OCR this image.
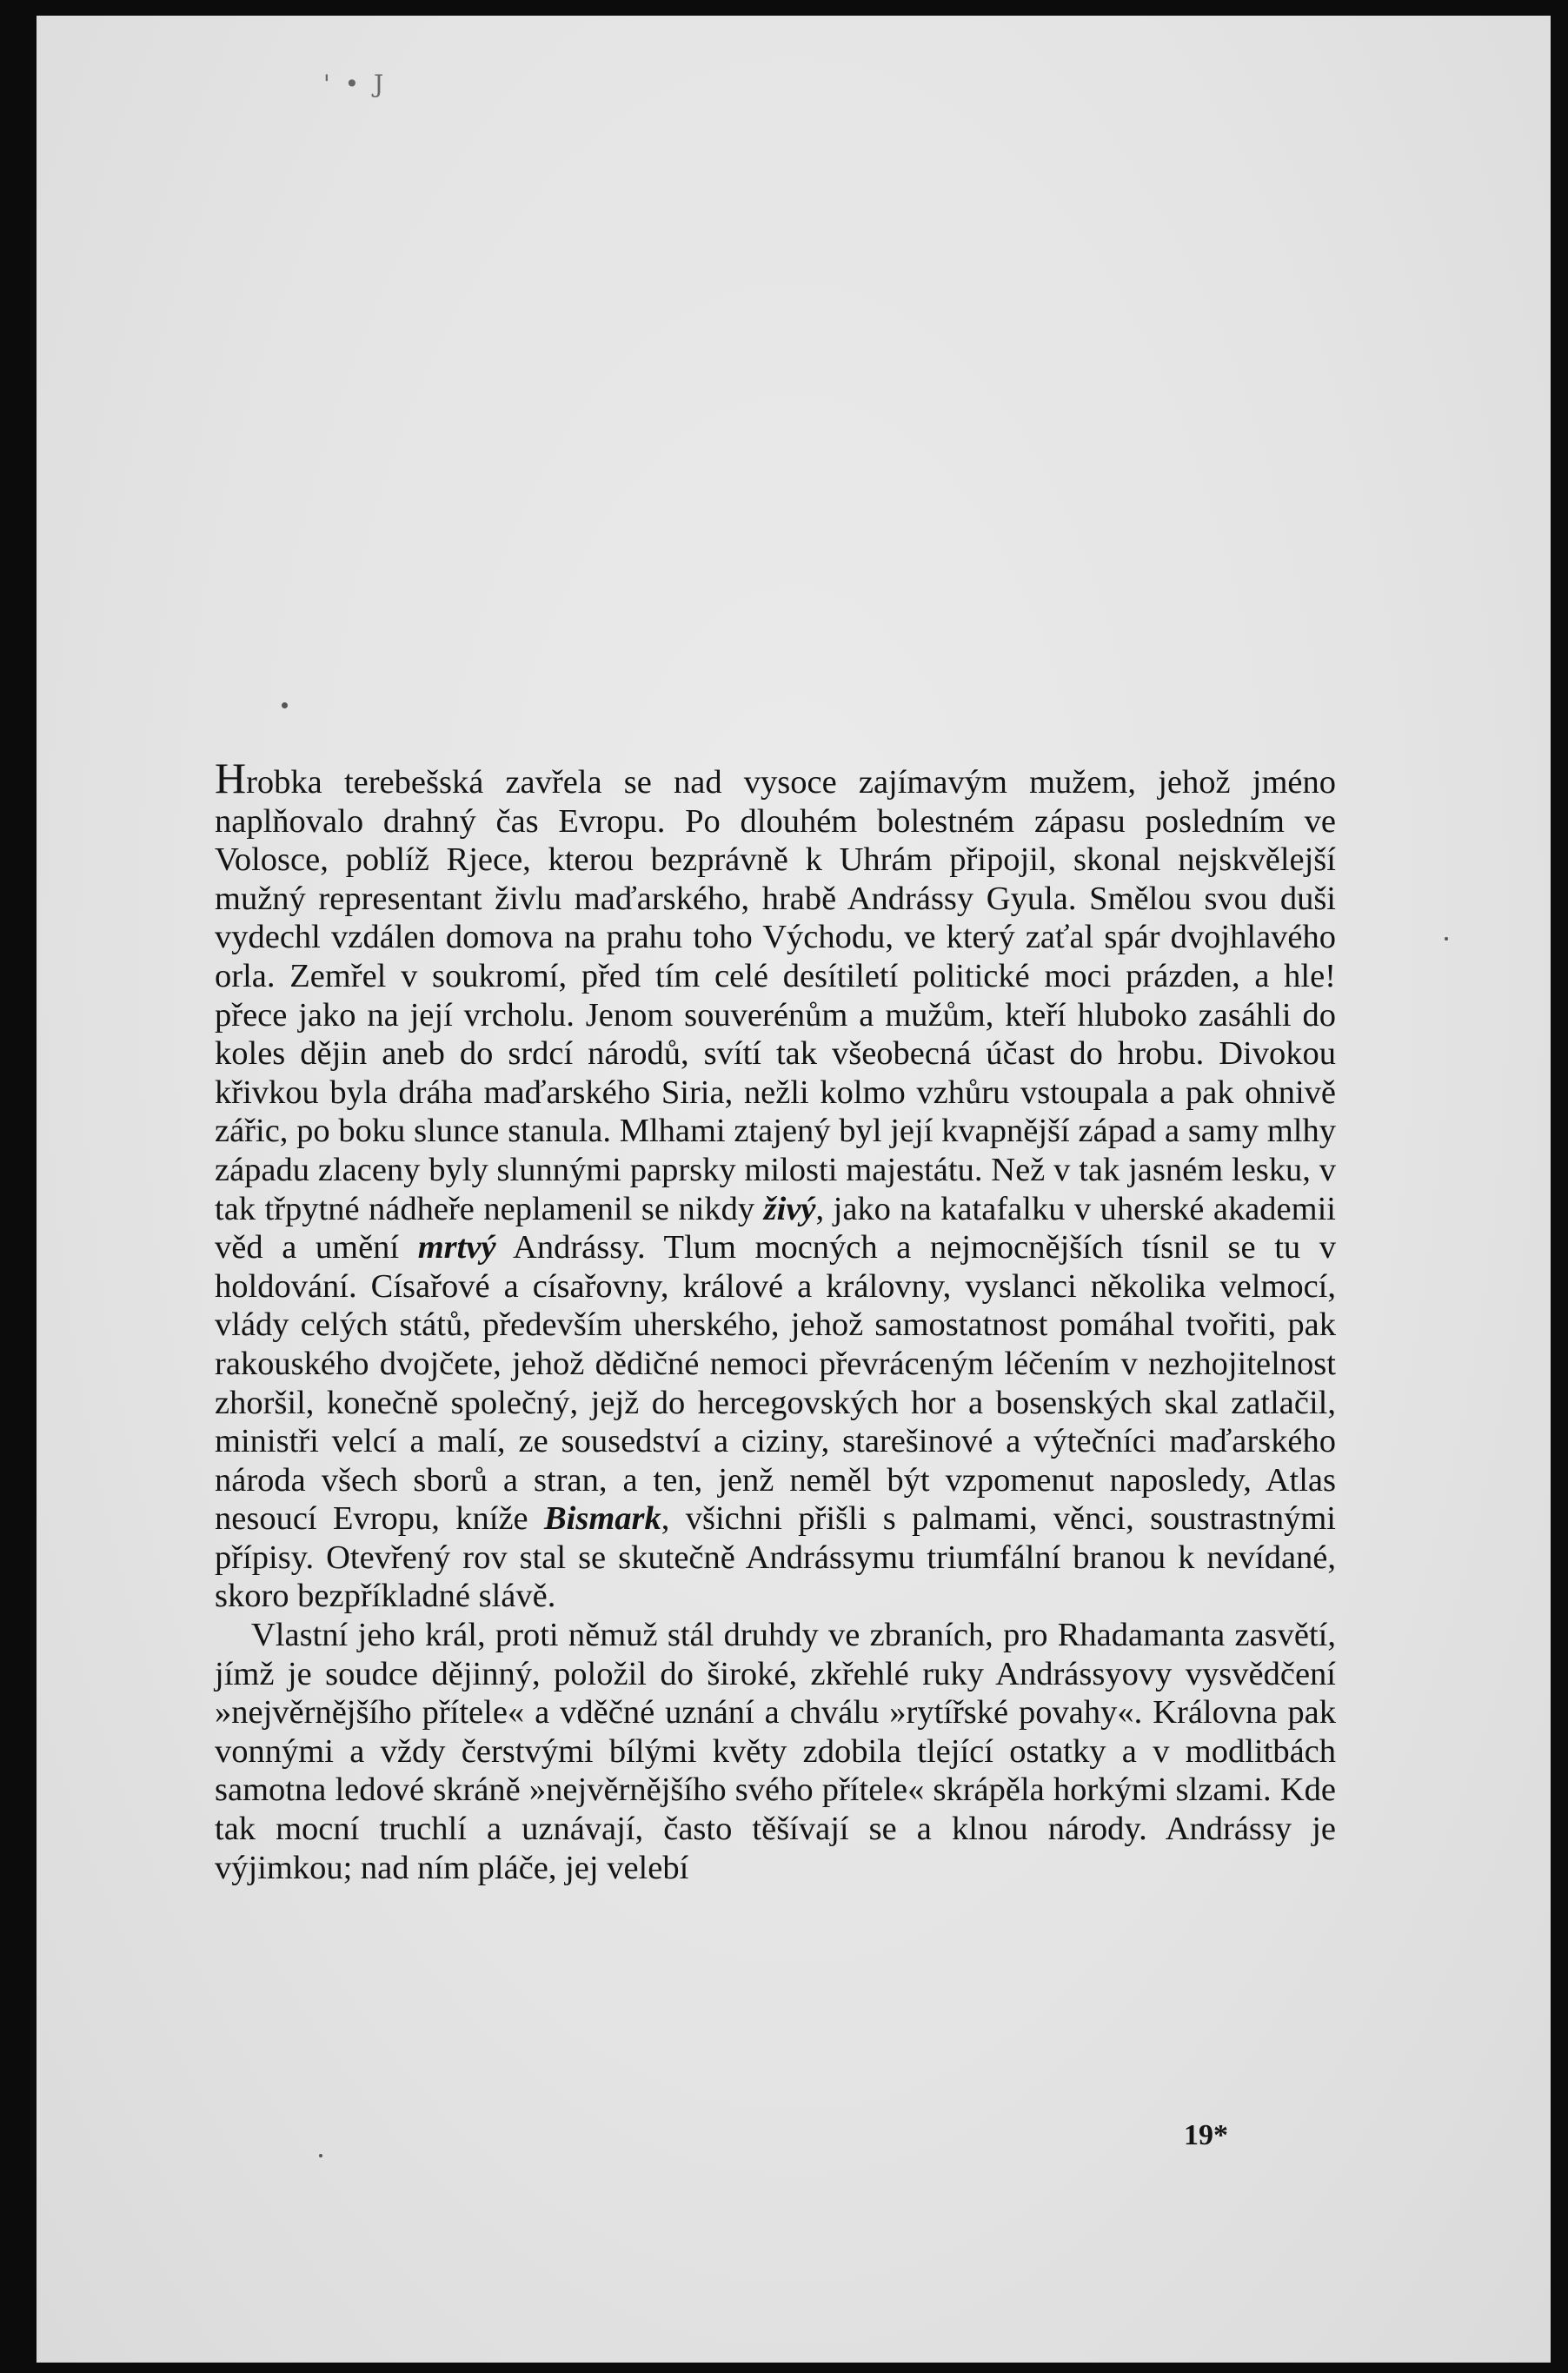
' • J

Hrobka terebešská zavřela se nad vysoce zajímavým mužem, jehož jméno naplňovalo drahný čas Evropu. Po dlouhém bolestném zápasu posledním ve Volosce, poblíž Rjece, kterou bezprávně k Uhrám připojil, skonal nejskvělejší mužný representant živlu maďarského, hrabě Andrássy Gyula. Smělou svou duši vydechl vzdálen domova na prahu toho Východu, ve který zaťal spár dvojhlavého orla. Zemřel v soukromí, před tím celé desítiletí politické moci prázden, a hle! přece jako na její vrcholu. Jenom souverénům a mužům, kteří hluboko zasáhli do koles dějin aneb do srdcí národů, svítí tak všeobecná účast do hrobu. Divokou křivkou byla dráha maďarského Siria, nežli kolmo vzhůru vstoupala a pak ohnivě zářic, po boku slunce stanula. Mlhami ztajený byl její kvapnější západ a samy mlhy západu zlaceny byly slunnými paprsky milosti majestátu. Než v tak jasném lesku, v tak třpytné nádheře neplamenil se nikdy živý, jako na katafalku v uherské akademii věd a umění mrtvý Andrássy. Tlum mocných a nejmocnějších tísnil se tu v holdování. Císařové a císařovny, králové a královny, vyslanci několika velmocí, vlády celých států, především uherského, jehož samostatnost pomáhal tvořiti, pak rakouského dvojčete, jehož dědičné nemoci převráceným léčením v nezhojitelnost zhoršil, konečně společný, jejž do hercegovských hor a bosenských skal zatlačil, ministři velcí a malí, ze sousedství a ciziny, starešinové a výtečníci maďarského národa všech sborů a stran, a ten, jenž neměl být vzpomenut naposledy, Atlas nesoucí Evropu, kníže Bismark, všichni přišli s palmami, věnci, soustrastnými přípisy. Otevřený rov stal se skutečně Andrássymu triumfální branou k nevídané, skoro bezpříkladné slávě.

Vlastní jeho král, proti němuž stál druhdy ve zbraních, pro Rhadamanta zasvětí, jímž je soudce dějinný, položil do široké, zkřehlé ruky Andrássyovy vysvědčení »nejvěrnějšího přítele« a vděčné uznání a chválu »rytířské povahy«. Královna pak vonnými a vždy čerstvými bílými květy zdobila tlející ostatky a v modlitbách samotna ledové skráně »nejvěrnějšího svého přítele« skrápěla horkými slzami. Kde tak mocní truchlí a uznávají, často těšívají se a klnou národy. Andrássy je výjimkou; nad ním pláče, jej velebí

19*
